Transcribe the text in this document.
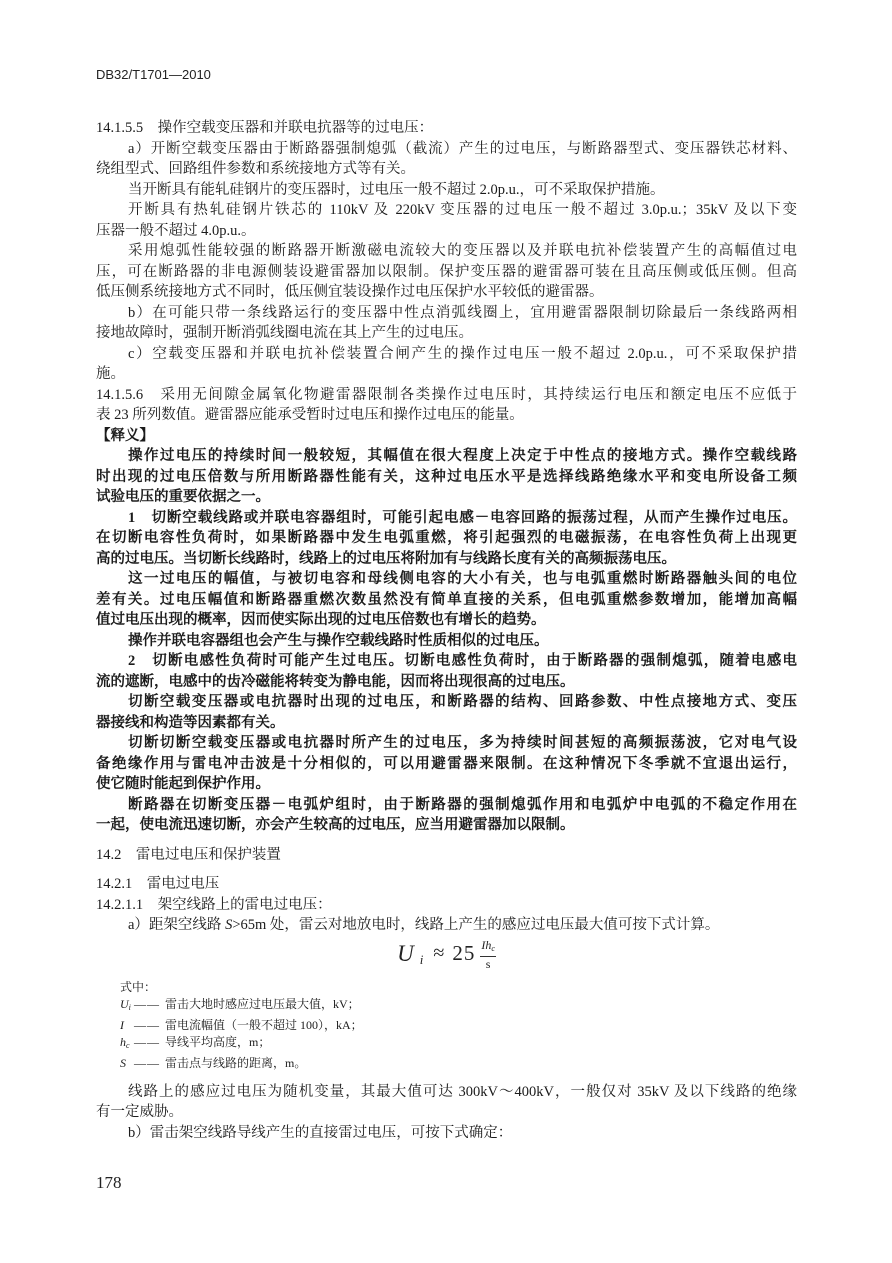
DB32/T1701—2010
14.1.5.5　操作空载变压器和并联电抗器等的过电压：
a）开断空载变压器由于断路器强制熄弧（截流）产生的过电压，与断路器型式、变压器铁芯材料、
绕组型式、回路组件参数和系统接地方式等有关。
当开断具有能轧硅钢片的变压器时，过电压一般不超过 2.0p.u.，可不采取保护措施。
开断具有热轧硅钢片铁芯的 110kV 及 220kV 变压器的过电压一般不超过 3.0p.u.；35kV 及以下变
压器一般不超过 4.0p.u.。
采用熄弧性能较强的断路器开断激磁电流较大的变压器以及并联电抗补偿装置产生的高幅值过电
压，可在断路器的非电源侧装设避雷器加以限制。保护变压器的避雷器可装在且高压侧或低压侧。但高
低压侧系统接地方式不同时，低压侧宜装设操作过电压保护水平较低的避雷器。
b）在可能只带一条线路运行的变压器中性点消弧线圈上，宜用避雷器限制切除最后一条线路两相
接地故障时，强制开断消弧线圈电流在其上产生的过电压。
c）空载变压器和并联电抗补偿装置合闸产生的操作过电压一般不超过 2.0p.u.，可不采取保护措
施。
14.1.5.6　采用无间隙金属氧化物避雷器限制各类操作过电压时，其持续运行电压和额定电压不应低于
表 23 所列数值。避雷器应能承受暂时过电压和操作过电压的能量。
【释义】
操作过电压的持续时间一般较短，其幅值在很大程度上决定于中性点的接地方式。操作空载线路
时出现的过电压倍数与所用断路器性能有关，这种过电压水平是选择线路绝缘水平和变电所设备工频
试验电压的重要依据之一。
1　切断空载线路或并联电容器组时，可能引起电感－电容回路的振荡过程，从而产生操作过电压。
在切断电容性负荷时，如果断路器中发生电弧重燃，将引起强烈的电磁振荡，在电容性负荷上出现更
高的过电压。当切断长线路时，线路上的过电压将附加有与线路长度有关的高频振荡电压。
这一过电压的幅值，与被切电容和母线侧电容的大小有关，也与电弧重燃时断路器触头间的电位
差有关。过电压幅值和断路器重燃次数虽然没有简单直接的关系，但电弧重燃参数增加，能增加高幅
值过电压出现的概率，因而使实际出现的过电压倍数也有增长的趋势。
操作并联电容器组也会产生与操作空载线路时性质相似的过电压。
2　切断电感性负荷时可能产生过电压。切断电感性负荷时，由于断路器的强制熄弧，随着电感电
流的遮断，电感中的齿冷磁能将转变为静电能，因而将出现很高的过电压。
切断空载变压器或电抗器时出现的过电压，和断路器的结构、回路参数、中性点接地方式、变压
器接线和构造等因素都有关。
切断切断空载变压器或电抗器时所产生的过电压，多为持续时间甚短的高频振荡波，它对电气设
备绝缘作用与雷电冲击波是十分相似的，可以用避雷器来限制。在这种情况下冬季就不宜退出运行，
使它随时能起到保护作用。
断路器在切断变压器－电弧炉组时，由于断路器的强制熄弧作用和电弧炉中电弧的不稳定作用在
一起，使电流迅速切断，亦会产生较高的过电压，应当用避雷器加以限制。
14.2　雷电过电压和保护装置
14.2.1　雷电过电压
14.2.1.1　架空线路上的雷电过电压：
a）距架空线路 S>65m 处，雷云对地放电时，线路上产生的感应过电压最大值可按下式计算。
U $i \approx 25 \frac{Ih_c}{s}$
式中：
$U_i$ —— 雷击大地时感应过电压最大值，kV；
I —— 雷电流幅值（一般不超过 100），kA；
$h_c$ —— 导线平均高度，m；
S —— 雷击点与线路的距离，m。
线路上的感应过电压为随机变量，其最大值可达 300kV～400kV，一般仅对 35kV 及以下线路的绝缘
有一定威胁。
b）雷击架空线路导线产生的直接雷过电压，可按下式确定：
178
